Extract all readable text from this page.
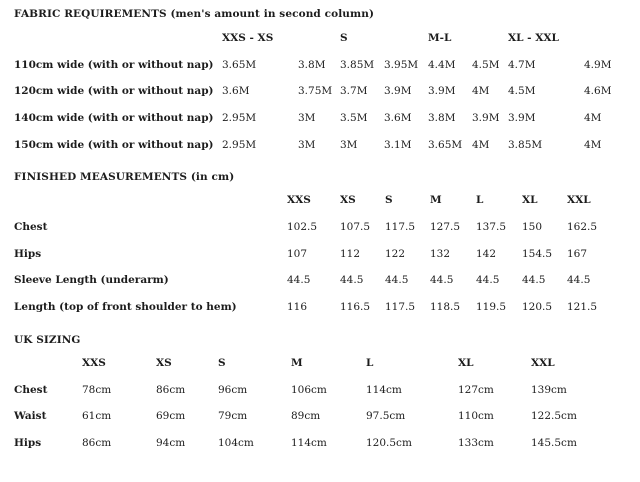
FABRIC REQUIREMENTS (men's amount in second column)
XXS - XS	S	M-L	XL - XXL
110cm wide (with or without nap) 3.65M	3.8M 3.85M 3.95M 4.4M 4.5M 4.7M	4.9M
120cm wide (with or without nap) 3.6M	3.75M 3.7M 3.9M 3.9M 4M 4.5M	4.6M
140cm wide (with or without nap) 2.95M	3M 3.5M 3.6M 3.8M 3.9M 3.9M	4M
150cm wide (with or without nap) 2.95M	3M 3M	3.1M 3.65M 4M 3.85M	4M
FINISHED MEASUREMENTS (in cm)
XXS	XS	S	M	L	XL	XXL
Chest	102.5 107.5 117.5 127.5 137.5 150 162.5
Hips	107	112 122 132 142 154.5 167
Sleeve Length (underarm)	44.5	44.5 44.5 44.5 44.5 44.5 44.5
Length (top of front shoulder to hem)	116	116.5 117.5 118.5 119.5 120.5 121.5
UK SIZING
XXS	XS	S	M	L	XL	XXL
Chest	78cm	86cm	96cm	106cm	114cm	127cm	139cm
Waist	61cm	69cm	79cm	89cm	97.5cm	110cm	122.5cm
Hips	86cm	94cm	104cm	114cm	120.5cm	133cm	145.5cm
